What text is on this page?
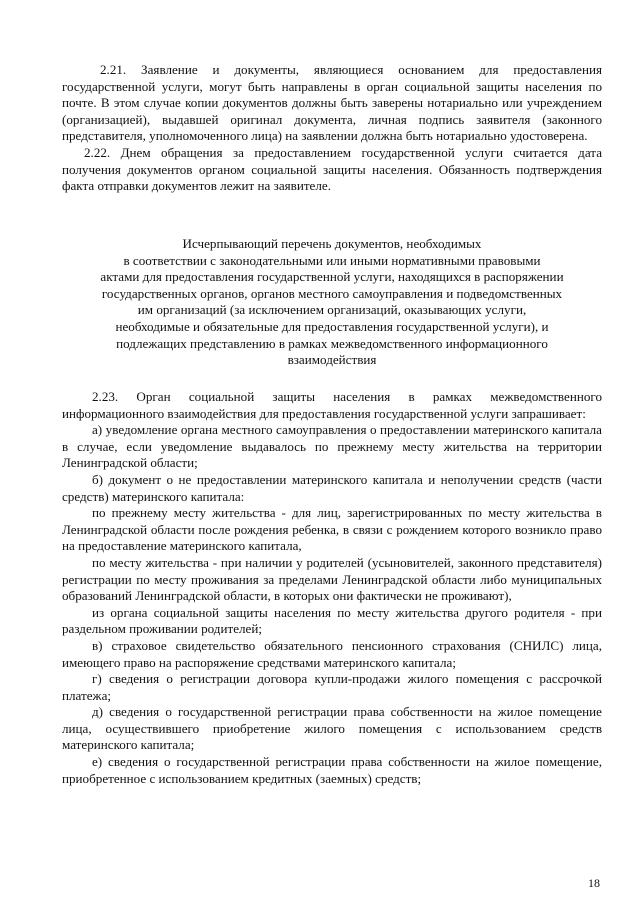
2.21. Заявление и документы, являющиеся основанием для предоставления государственной услуги, могут быть направлены в орган социальной защиты населения по почте. В этом случае копии документов должны быть заверены нотариально или учреждением (организацией), выдавшей оригинал документа, личная подпись заявителя (законного представителя, уполномоченного лица) на заявлении должна быть нотариально удостоверена.

2.22. Днем обращения за предоставлением государственной услуги считается дата получения документов органом социальной защиты населения. Обязанность подтверждения факта отправки документов лежит на заявителе.

Исчерпывающий перечень документов, необходимых

в соответствии с законодательными или иными нормативными правовыми

актами для предоставления государственной услуги, находящихся в распоряжении

государственных органов, органов местного самоуправления и подведомственных

им организаций (за исключением организаций, оказывающих услуги,

необходимые и обязательные для предоставления государственной услуги), и

подлежащих представлению в рамках межведомственного информационного

взаимодействия

2.23. Орган социальной защиты населения в рамках межведомственного информационного взаимодействия для предоставления государственной услуги запрашивает:

а) уведомление органа местного самоуправления о предоставлении материнского капитала в случае, если уведомление выдавалось по прежнему месту жительства на территории Ленинградской области;

б) документ о не предоставлении материнского капитала и неполучении средств (части средств) материнского капитала:

по прежнему месту жительства - для лиц, зарегистрированных по месту жительства в Ленинградской области после рождения ребенка, в связи с рождением которого возникло право на предоставление материнского капитала,

по месту жительства - при наличии у родителей (усыновителей, законного представителя) регистрации по месту проживания за пределами Ленинградской области либо муниципальных образований Ленинградской области, в которых они фактически не проживают),

из органа социальной защиты населения по месту жительства другого родителя - при раздельном проживании родителей;

в) страховое свидетельство обязательного пенсионного страхования (СНИЛС) лица, имеющего право на распоряжение средствами материнского капитала;

г) сведения о регистрации договора купли-продажи жилого помещения с рассрочкой платежа;

д) сведения о государственной регистрации права собственности на жилое помещение лица, осуществившего приобретение жилого помещения с использованием средств материнского капитала;

е) сведения о государственной регистрации права собственности на жилое помещение, приобретенное с использованием кредитных (заемных) средств;

18
